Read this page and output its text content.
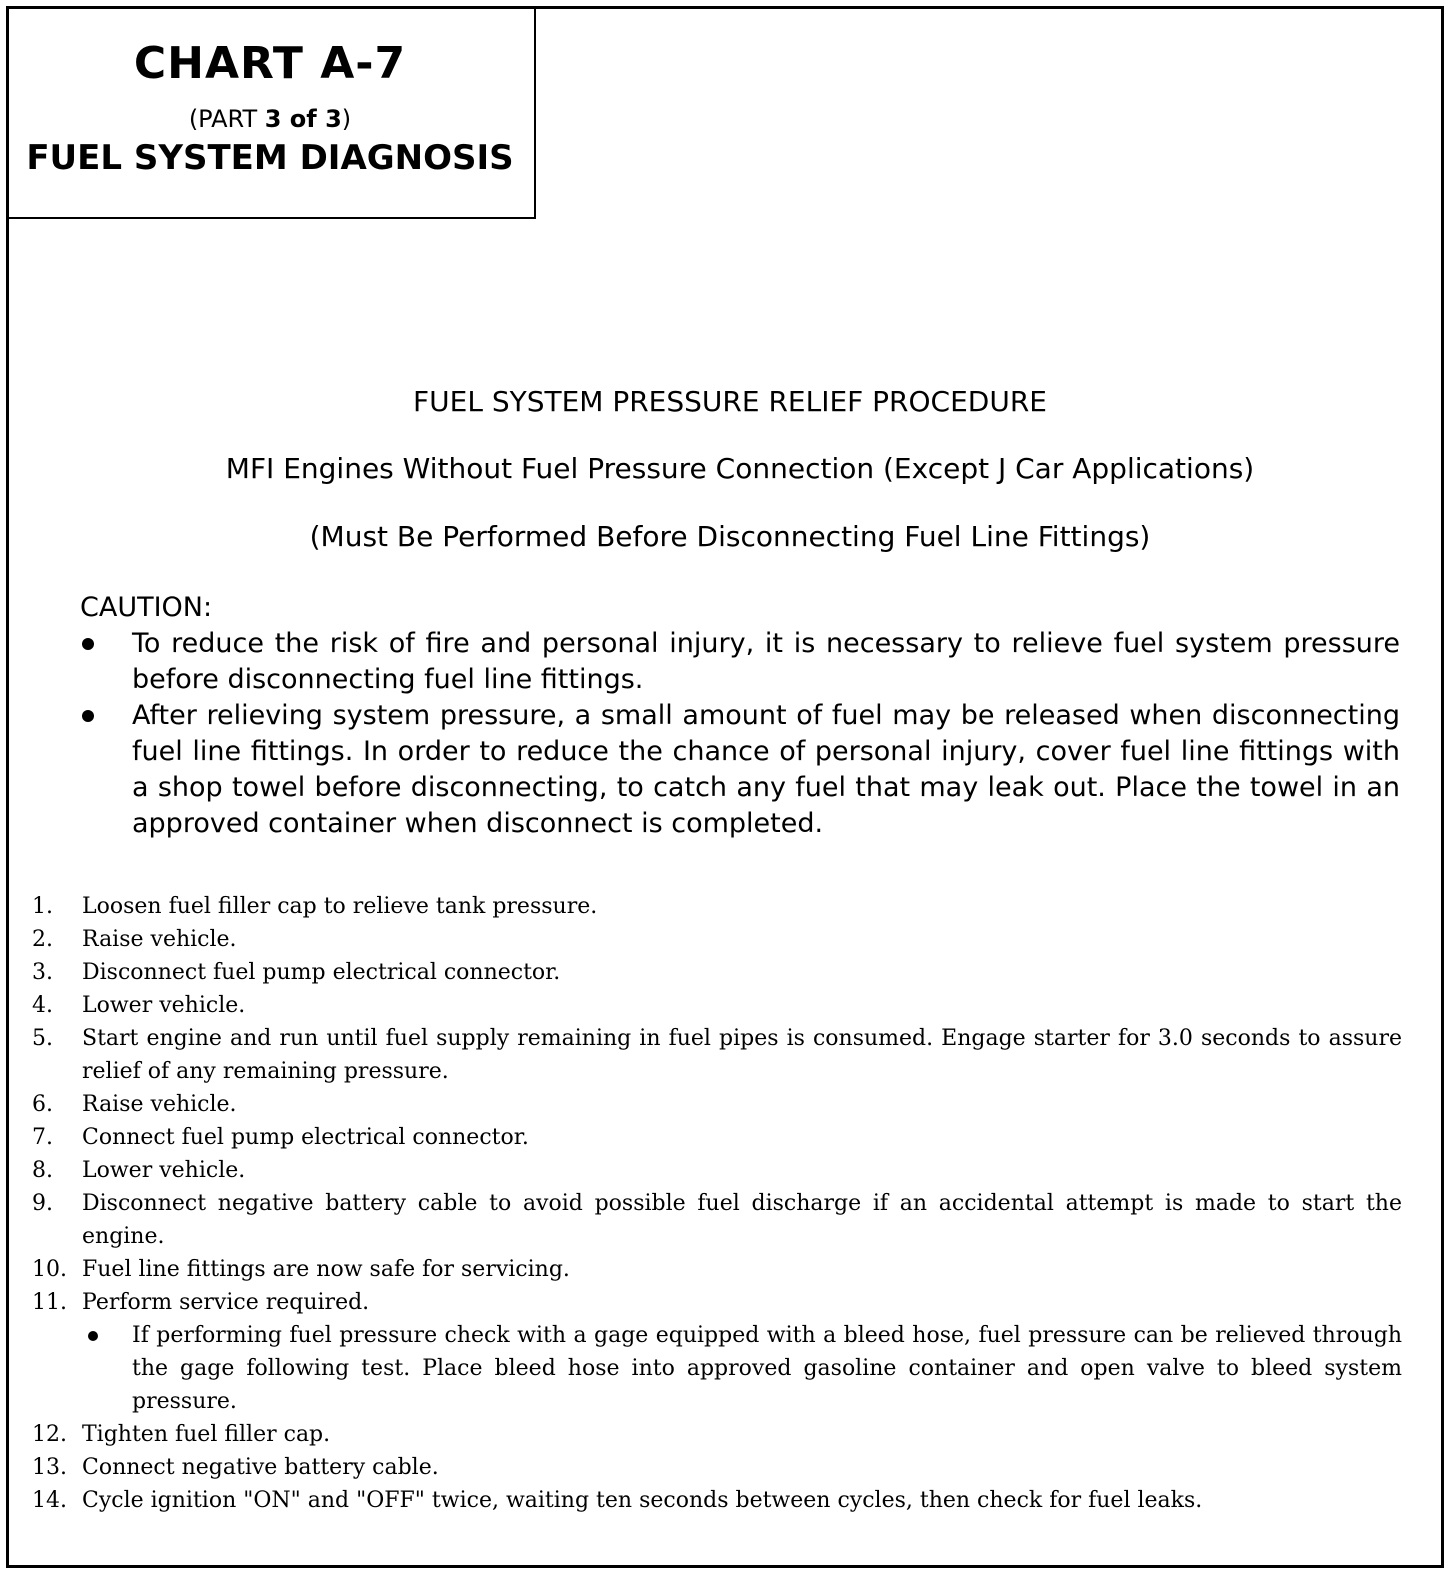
CHART A-7
(PART 3 of 3)
FUEL SYSTEM DIAGNOSIS
FUEL SYSTEM PRESSURE RELIEF PROCEDURE
MFI Engines Without Fuel Pressure Connection (Except J Car Applications)
(Must Be Performed Before Disconnecting Fuel Line Fittings)
CAUTION:
To reduce the risk of fire and personal injury, it is necessary to relieve fuel system pressure before disconnecting fuel line fittings.
After relieving system pressure, a small amount of fuel may be released when disconnecting fuel line fittings. In order to reduce the chance of personal injury, cover fuel line fittings with a shop towel before disconnecting, to catch any fuel that may leak out. Place the towel in an approved container when disconnect is completed.
1. Loosen fuel filler cap to relieve tank pressure.
2. Raise vehicle.
3. Disconnect fuel pump electrical connector.
4. Lower vehicle.
5. Start engine and run until fuel supply remaining in fuel pipes is consumed. Engage starter for 3.0 seconds to assure relief of any remaining pressure.
6. Raise vehicle.
7. Connect fuel pump electrical connector.
8. Lower vehicle.
9. Disconnect negative battery cable to avoid possible fuel discharge if an accidental attempt is made to start the engine.
10. Fuel line fittings are now safe for servicing.
11. Perform service required.
If performing fuel pressure check with a gage equipped with a bleed hose, fuel pressure can be relieved through the gage following test. Place bleed hose into approved gasoline container and open valve to bleed system pressure.
12. Tighten fuel filler cap.
13. Connect negative battery cable.
14. Cycle ignition "ON" and "OFF" twice, waiting ten seconds between cycles, then check for fuel leaks.
